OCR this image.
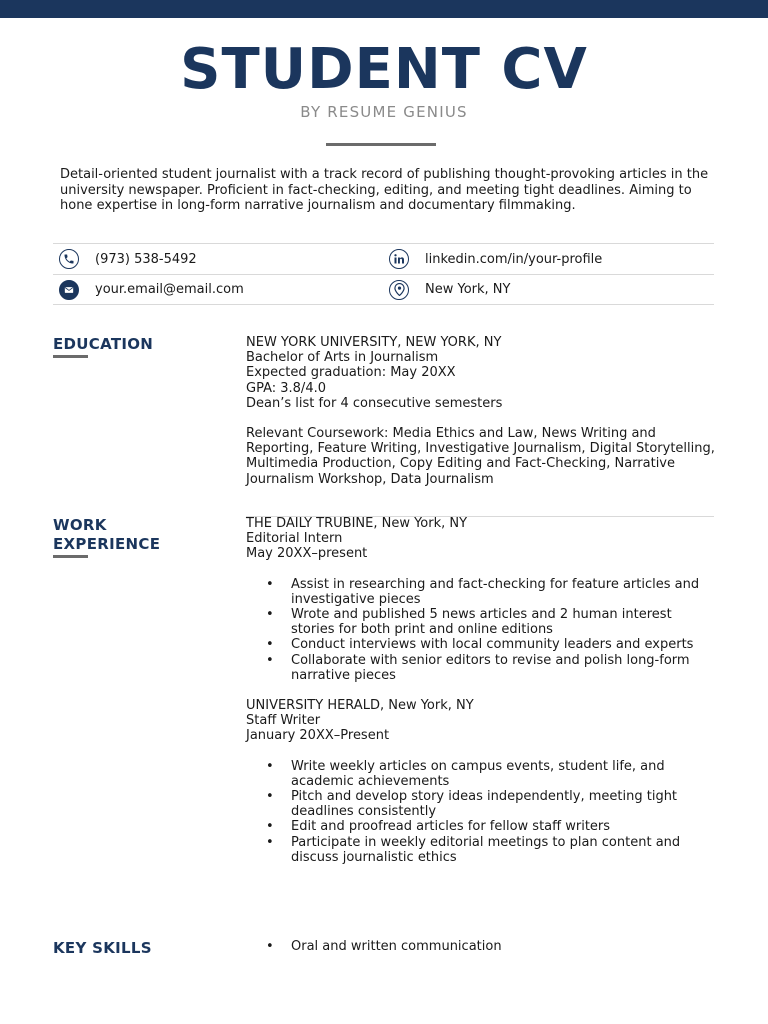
STUDENT CV
BY RESUME GENIUS

Detail-oriented student journalist with a track record of publishing thought-provoking articles in the university newspaper. Proficient in fact-checking, editing, and meeting tight deadlines. Aiming to hone expertise in long-form narrative journalism and documentary filmmaking.

(973) 538-5492	linkedin.com/in/your-profile
your.email@email.com	New York, NY
EDUCATION	NEW YORK UNIVERSITY, NEW YORK, NY

Bachelor of Arts in Journalism

Expected graduation: May 20XX

GPA: 3.8/4.0

Dean’s list for 4 consecutive semesters

Relevant Coursework: Media Ethics and Law, News Writing and Reporting, Feature Writing, Investigative Journalism, Digital Storytelling, Multimedia Production, Copy Editing and Fact-Checking, Narrative Journalism Workshop, Data Journalism

WORK
EXPERIENCE

THE DAILY TRUBINE, New York, NY

Editorial Intern

May 20XX–present

• Assist in researching and fact-checking for feature articles and investigative pieces
• Wrote and published 5 news articles and 2 human interest stories for both print and online editions
• Conduct interviews with local community leaders and experts
• Collaborate with senior editors to revise and polish long-form narrative pieces

UNIVERSITY HERALD, New York, NY

Staff Writer

January 20XX–Present

• Write weekly articles on campus events, student life, and academic achievements
• Pitch and develop story ideas independently, meeting tight deadlines consistently
• Edit and proofread articles for fellow staff writers
• Participate in weekly editorial meetings to plan content and discuss journalistic ethics
KEY SKILLS
•	Oral and written communication
